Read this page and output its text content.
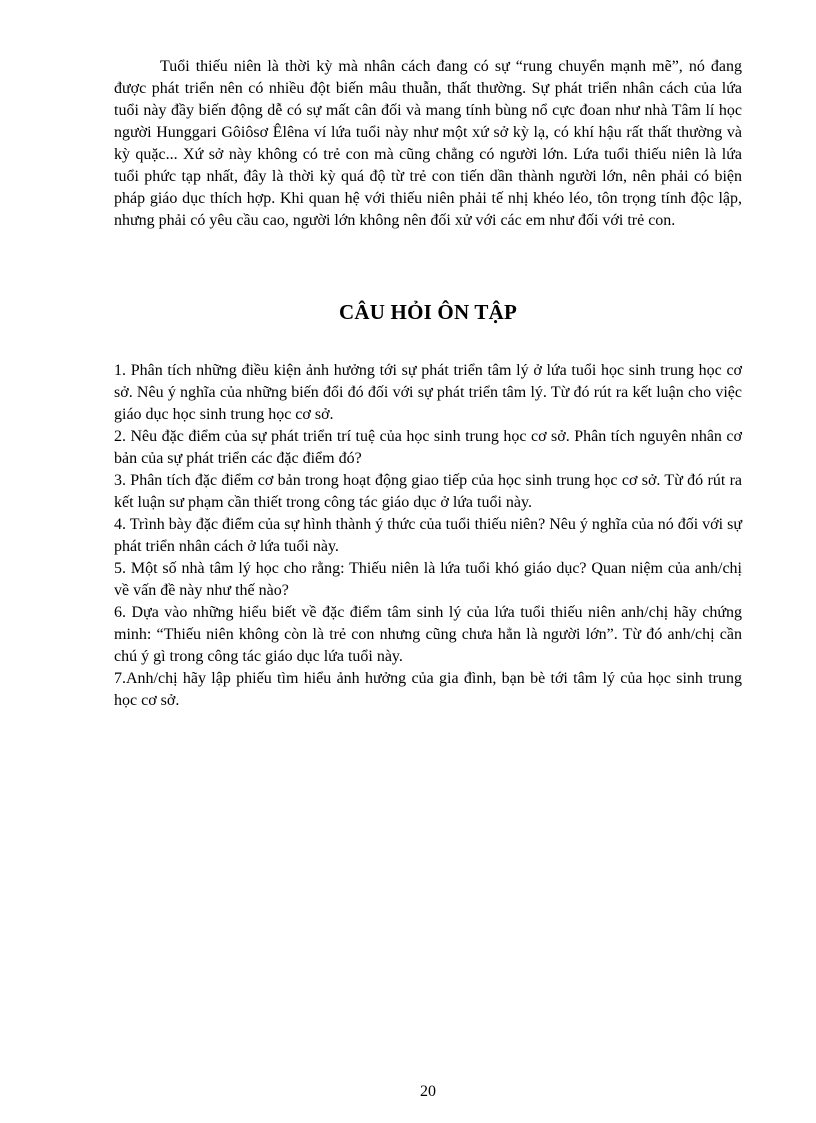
Tuổi thiếu niên là thời kỳ mà nhân cách đang có sự “rung chuyển mạnh mẽ”, nó đang được phát triển nên có nhiều đột biến mâu thuẫn, thất thường. Sự phát triển nhân cách của lứa tuổi này đầy biến động dễ có sự mất cân đối và mang tính bùng nổ cực đoan như nhà Tâm lí học người Hunggari Gôiôsơ Êlêna ví lứa tuổi này như một xứ sở kỳ lạ, có khí hậu rất thất thường và kỳ quặc... Xứ sở này không có trẻ con mà cũng chẳng có người lớn. Lứa tuổi thiếu niên là lứa tuổi phức tạp nhất, đây là thời kỳ quá độ từ trẻ con tiến dần thành người lớn, nên phải có biện pháp giáo dục thích hợp. Khi quan hệ với thiếu niên phải tế nhị khéo léo, tôn trọng tính độc lập, nhưng phải có yêu cầu cao, người lớn không nên đối xử với các em như đối với trẻ con.

CÂU HỎI ÔN TẬP
1. Phân tích những điều kiện ảnh hưởng tới sự phát triển tâm lý ở lứa tuổi học sinh trung học cơ sở. Nêu ý nghĩa của những biến đổi đó đối với sự phát triển tâm lý. Từ đó rút ra kết luận cho việc giáo dục học sinh trung học cơ sở.
2. Nêu đặc điểm của sự phát triển trí tuệ của học sinh trung học cơ sở. Phân tích nguyên nhân cơ bản của sự phát triển các đặc điểm đó?
3. Phân tích đặc điểm cơ bản trong hoạt động giao tiếp của học sinh trung học cơ sở. Từ đó rút ra kết luận sư phạm cần thiết trong công tác giáo dục ở lứa tuổi này.
4. Trình bày đặc điểm của sự hình thành ý thức của tuổi thiếu niên? Nêu ý nghĩa của nó đối với sự phát triển nhân cách ở lứa tuổi này.
5. Một số nhà tâm lý học cho rằng: Thiếu niên là lứa tuổi khó giáo dục? Quan niệm của anh/chị về vấn đề này như thế nào?
6. Dựa vào những hiểu biết về đặc điểm tâm sinh lý của lứa tuổi thiếu niên anh/chị hãy chứng minh: “Thiếu niên không còn là trẻ con nhưng cũng chưa hẳn là người lớn”. Từ đó anh/chị cần chú ý gì trong công tác giáo dục lứa tuổi này.
7.Anh/chị hãy lập phiếu tìm hiểu ảnh hưởng của gia đình, bạn bè tới tâm lý của học sinh trung học cơ sở.

20
